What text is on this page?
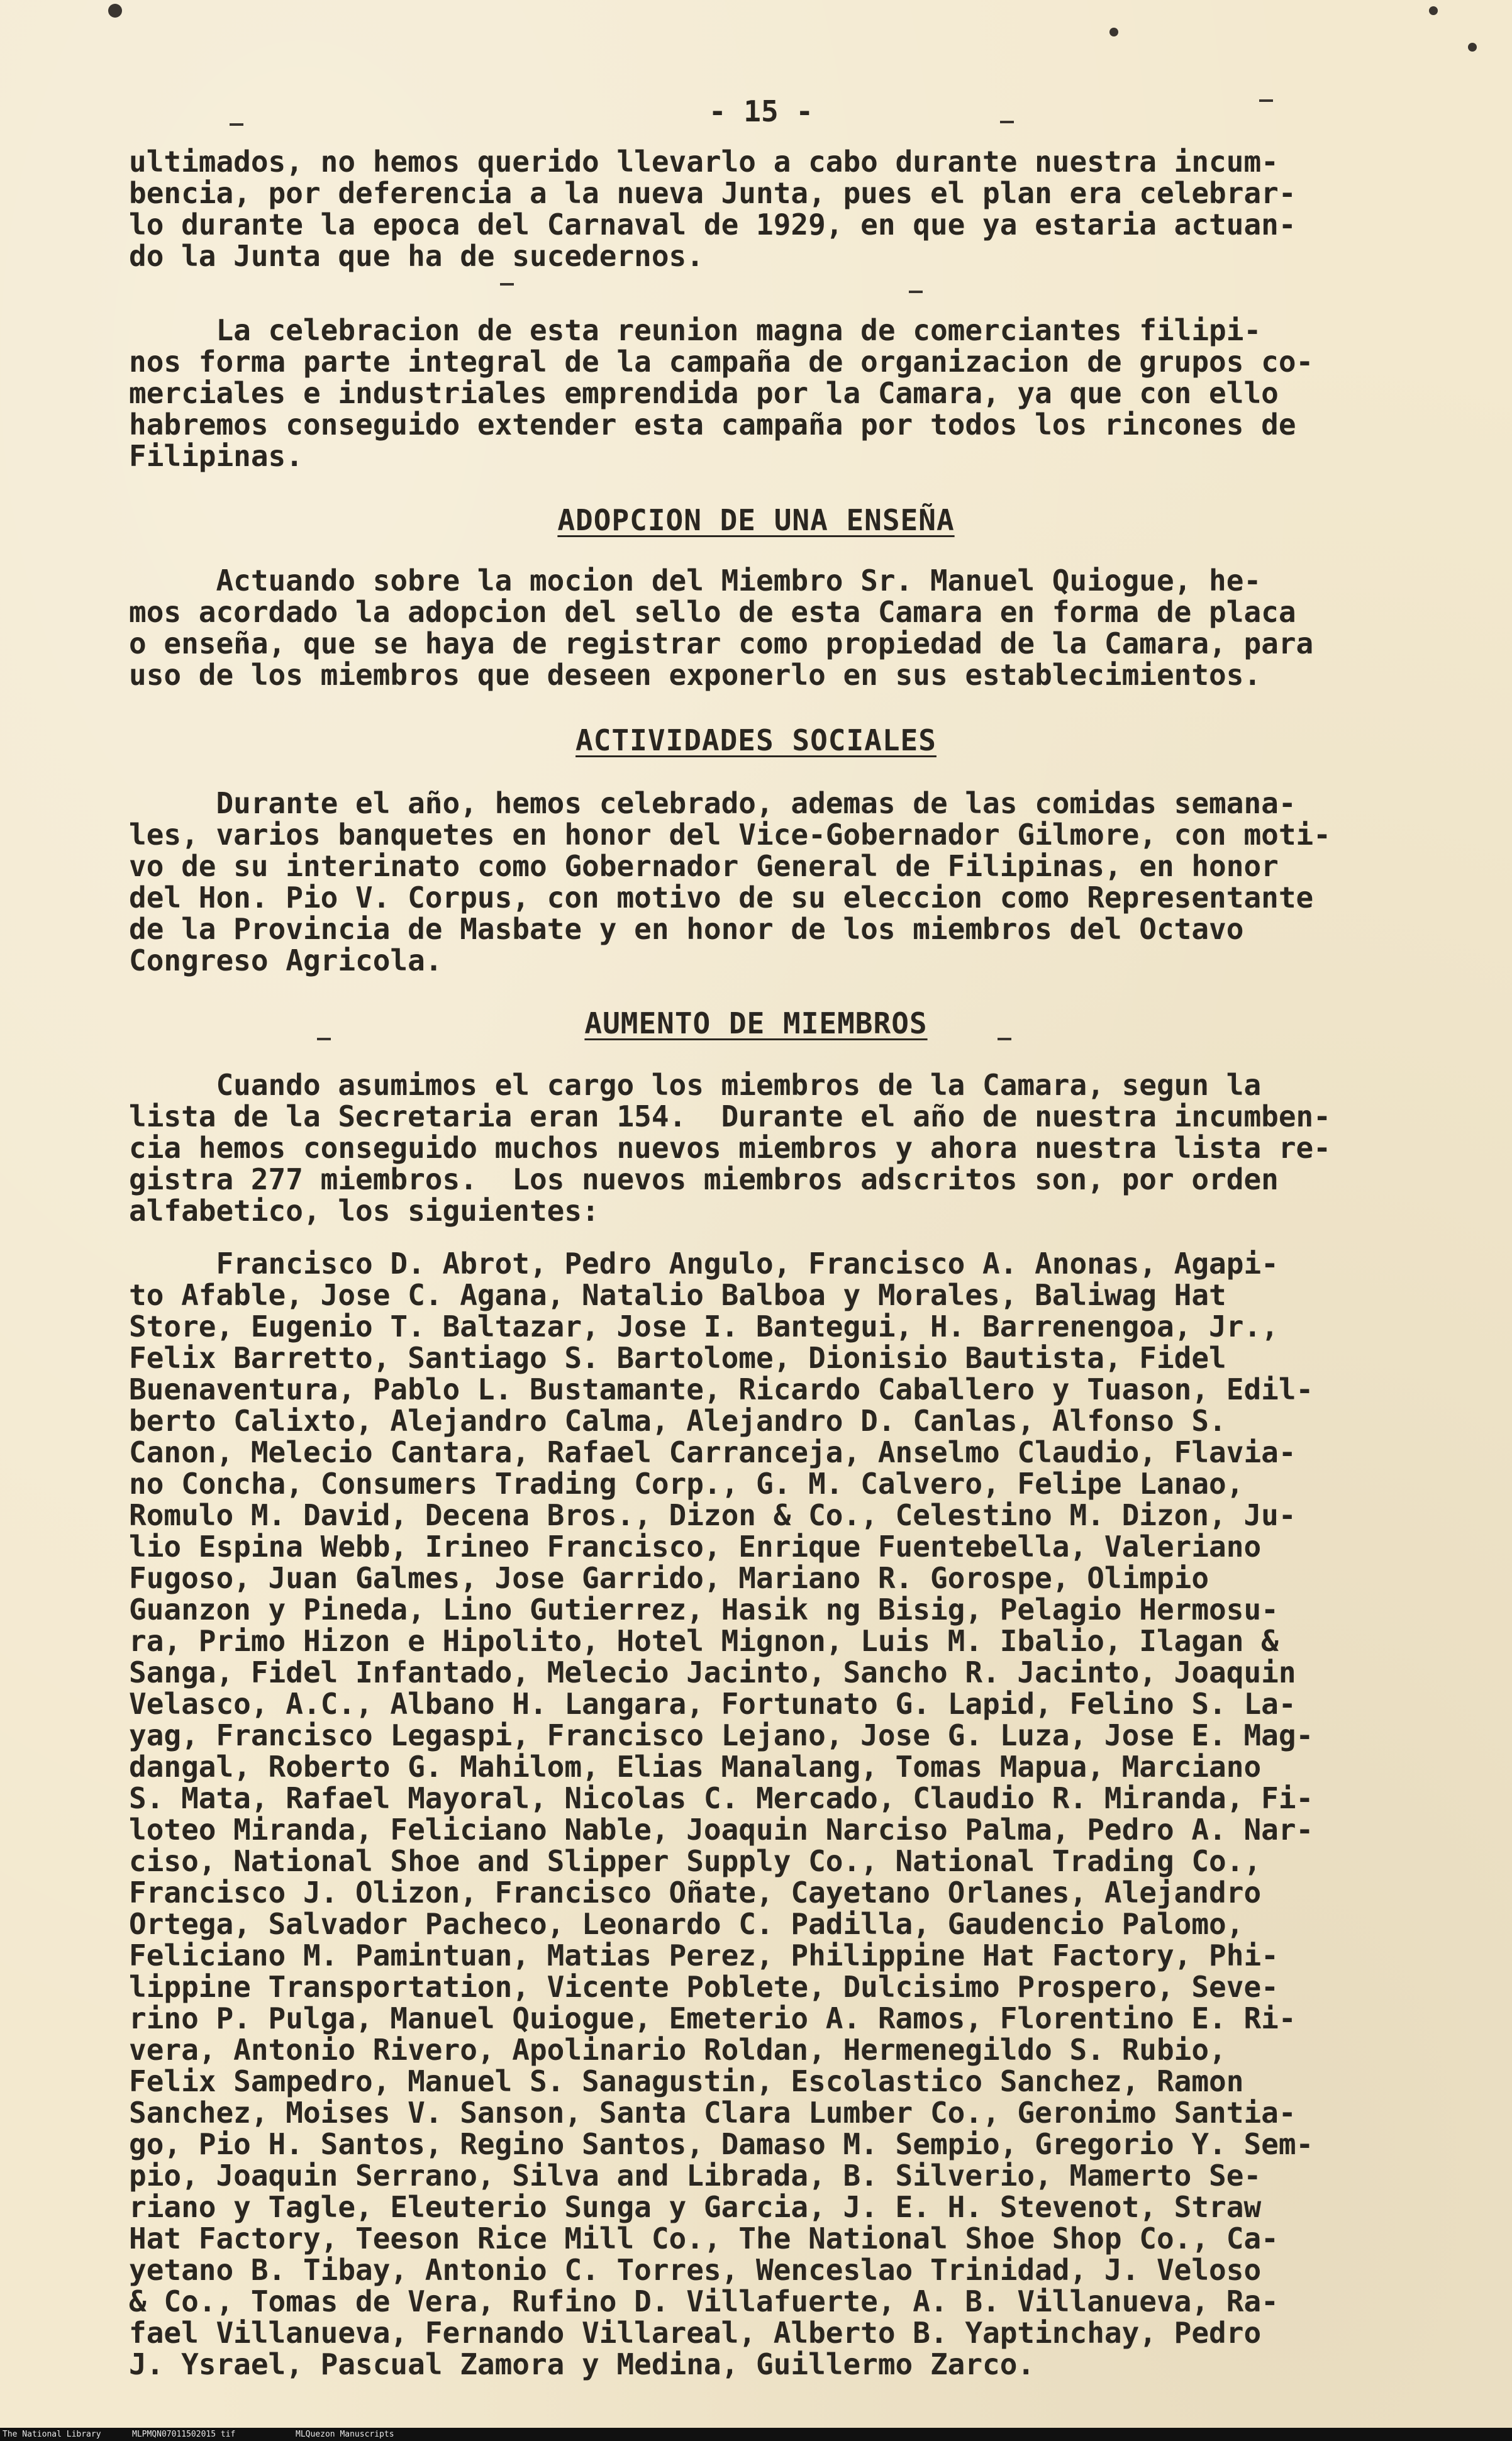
- 15 -
ultimados, no hemos querido llevarlo a cabo durante nuestra incum-
bencia, por deferencia a la nueva Junta, pues el plan era celebrar-
lo durante la epoca del Carnaval de 1929, en que ya estaria actuan-
do la Junta que ha de sucedernos.
La celebracion de esta reunion magna de comerciantes filipi-
nos forma parte integral de la campaña de organizacion de grupos co-
merciales e industriales emprendida por la Camara, ya que con ello
habremos conseguido extender esta campaña por todos los rincones de
Filipinas.
ADOPCION DE UNA ENSEÑA
Actuando sobre la mocion del Miembro Sr. Manuel Quiogue, he-
mos acordado la adopcion del sello de esta Camara en forma de placa
o enseña, que se haya de registrar como propiedad de la Camara, para
uso de los miembros que deseen exponerlo en sus establecimientos.
ACTIVIDADES SOCIALES
Durante el año, hemos celebrado, ademas de las comidas semana-
les, varios banquetes en honor del Vice-Gobernador Gilmore, con moti-
vo de su interinato como Gobernador General de Filipinas, en honor
del Hon. Pio V. Corpus, con motivo de su eleccion como Representante
de la Provincia de Masbate y en honor de los miembros del Octavo
Congreso Agricola.
AUMENTO DE MIEMBROS
Cuando asumimos el cargo los miembros de la Camara, segun la
lista de la Secretaria eran 154.  Durante el año de nuestra incumben-
cia hemos conseguido muchos nuevos miembros y ahora nuestra lista re-
gistra 277 miembros.  Los nuevos miembros adscritos son, por orden
alfabetico, los siguientes:
Francisco D. Abrot, Pedro Angulo, Francisco A. Anonas, Agapi-
to Afable, Jose C. Agana, Natalio Balboa y Morales, Baliwag Hat
Store, Eugenio T. Baltazar, Jose I. Bantegui, H. Barrenengoa, Jr.,
Felix Barretto, Santiago S. Bartolome, Dionisio Bautista, Fidel
Buenaventura, Pablo L. Bustamante, Ricardo Caballero y Tuason, Edil-
berto Calixto, Alejandro Calma, Alejandro D. Canlas, Alfonso S.
Canon, Melecio Cantara, Rafael Carranceja, Anselmo Claudio, Flavia-
no Concha, Consumers Trading Corp., G. M. Calvero, Felipe Lanao,
Romulo M. David, Decena Bros., Dizon & Co., Celestino M. Dizon, Ju-
lio Espina Webb, Irineo Francisco, Enrique Fuentebella, Valeriano
Fugoso, Juan Galmes, Jose Garrido, Mariano R. Gorospe, Olimpio
Guanzon y Pineda, Lino Gutierrez, Hasik ng Bisig, Pelagio Hermosu-
ra, Primo Hizon e Hipolito, Hotel Mignon, Luis M. Ibalio, Ilagan &
Sanga, Fidel Infantado, Melecio Jacinto, Sancho R. Jacinto, Joaquin
Velasco, A.C., Albano H. Langara, Fortunato G. Lapid, Felino S. La-
yag, Francisco Legaspi, Francisco Lejano, Jose G. Luza, Jose E. Mag-
dangal, Roberto G. Mahilom, Elias Manalang, Tomas Mapua, Marciano
S. Mata, Rafael Mayoral, Nicolas C. Mercado, Claudio R. Miranda, Fi-
loteo Miranda, Feliciano Nable, Joaquin Narciso Palma, Pedro A. Nar-
ciso, National Shoe and Slipper Supply Co., National Trading Co.,
Francisco J. Olizon, Francisco Oñate, Cayetano Orlanes, Alejandro
Ortega, Salvador Pacheco, Leonardo C. Padilla, Gaudencio Palomo,
Feliciano M. Pamintuan, Matias Perez, Philippine Hat Factory, Phi-
lippine Transportation, Vicente Poblete, Dulcisimo Prospero, Seve-
rino P. Pulga, Manuel Quiogue, Emeterio A. Ramos, Florentino E. Ri-
vera, Antonio Rivero, Apolinario Roldan, Hermenegildo S. Rubio,
Felix Sampedro, Manuel S. Sanagustin, Escolastico Sanchez, Ramon
Sanchez, Moises V. Sanson, Santa Clara Lumber Co., Geronimo Santia-
go, Pio H. Santos, Regino Santos, Damaso M. Sempio, Gregorio Y. Sem-
pio, Joaquin Serrano, Silva and Librada, B. Silverio, Mamerto Se-
riano y Tagle, Eleuterio Sunga y Garcia, J. E. H. Stevenot, Straw
Hat Factory, Teeson Rice Mill Co., The National Shoe Shop Co., Ca-
yetano B. Tibay, Antonio C. Torres, Wenceslao Trinidad, J. Veloso
& Co., Tomas de Vera, Rufino D. Villafuerte, A. B. Villanueva, Ra-
fael Villanueva, Fernando Villareal, Alberto B. Yaptinchay, Pedro
J. Ysrael, Pascual Zamora y Medina, Guillermo Zarco.
The National Library	MLPMQN07011502015 tif	MLQuezon Manuscripts
